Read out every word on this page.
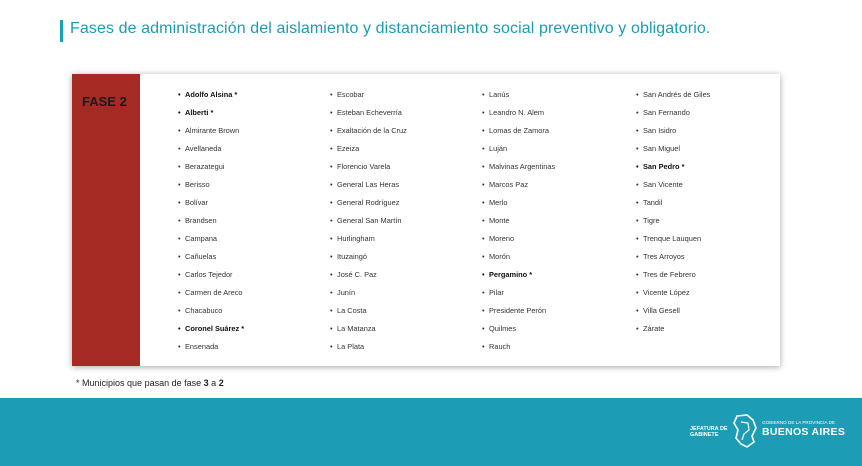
Fases de administración del aislamiento y distanciamiento social preventivo y obligatorio.
FASE 2	• Adolfo Alsina *
• Alberti *
• Almirante Brown
• Avellaneda
• Berazategui
• Berisso
• Bolívar
• Brandsen
• Campana
• Cañuelas
• Carlos Tejedor
• Carmen de Areco
• Chacabuco
• Coronel Suárez *
• Ensenada
• Escobar
• Esteban Echeverría
• Exaltación de la Cruz
• Ezeiza
• Florencio Varela
• General Las Heras
• General Rodríguez
• General San Martín
• Hurlingham
• Ituzaingó
• José C. Paz
• Junín
• La Costa
• La Matanza
• La Plata
• Lanús
• Leandro N. Alem
• Lomas de Zamora
• Luján
• Malvinas Argentinas
• Marcos Paz
• Merlo
• Monte
• Moreno
• Morón
• Pergamino *
• Pilar
• Presidente Perón
• Quilmes
• Rauch
• San Andrés de Giles
• San Fernando
• San Isidro
• San Miguel
• San Pedro *
• San Vicente
• Tandil
• Tigre
• Trenque Lauquen
• Tres Arroyos
• Tres de Febrero
• Vicente López
• Villa Gesell
• Zárate
* Municipios que pasan de fase 3 a 2
JEFATURA DE
GABINETE
GOBIERNO DE LA PROVINCIA DE
BUENOS AIRES
